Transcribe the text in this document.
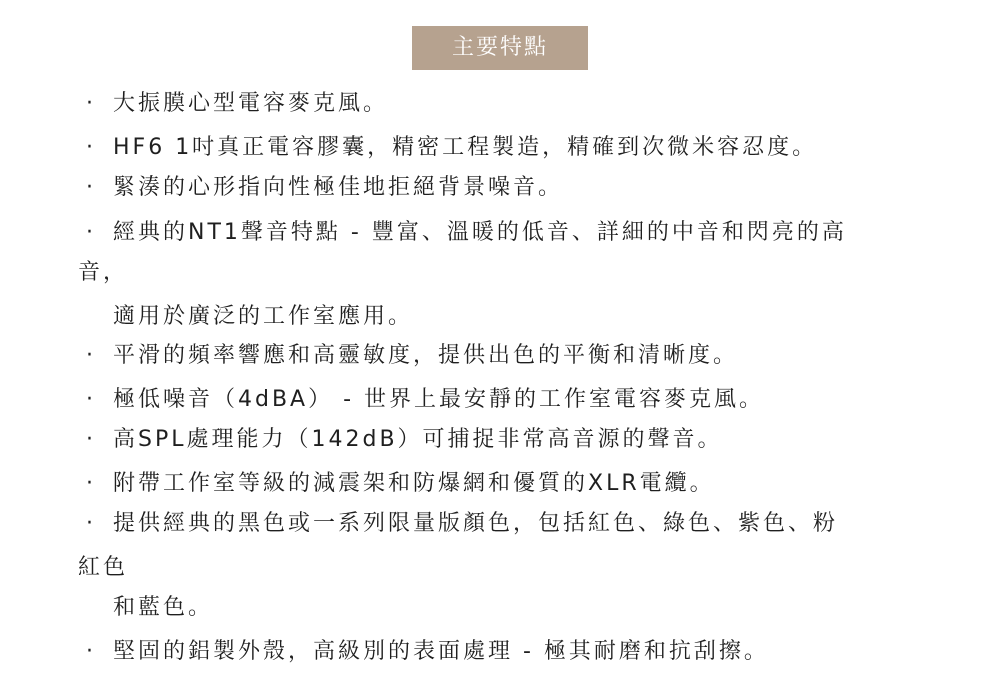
主要特點
· 大振膜心型電容麥克風。
· HF6 1吋真正電容膠囊，精密工程製造，精確到次微米容忍度。
· 緊湊的心形指向性極佳地拒絕背景噪音。
· 經典的NT1聲音特點 - 豐富、溫暖的低音、詳細的中音和閃亮的高
音，
適用於廣泛的工作室應用。
· 平滑的頻率響應和高靈敏度，提供出色的平衡和清晰度。
· 極低噪音（4dBA） - 世界上最安靜的工作室電容麥克風。
· 高SPL處理能力（142dB）可捕捉非常高音源的聲音。
· 附帶工作室等級的減震架和防爆網和優質的XLR電纜。
· 提供經典的黑色或一系列限量版顏色，包括紅色、綠色、紫色、粉
紅色
和藍色。
· 堅固的鋁製外殼，高級別的表面處理 - 極其耐磨和抗刮擦。
